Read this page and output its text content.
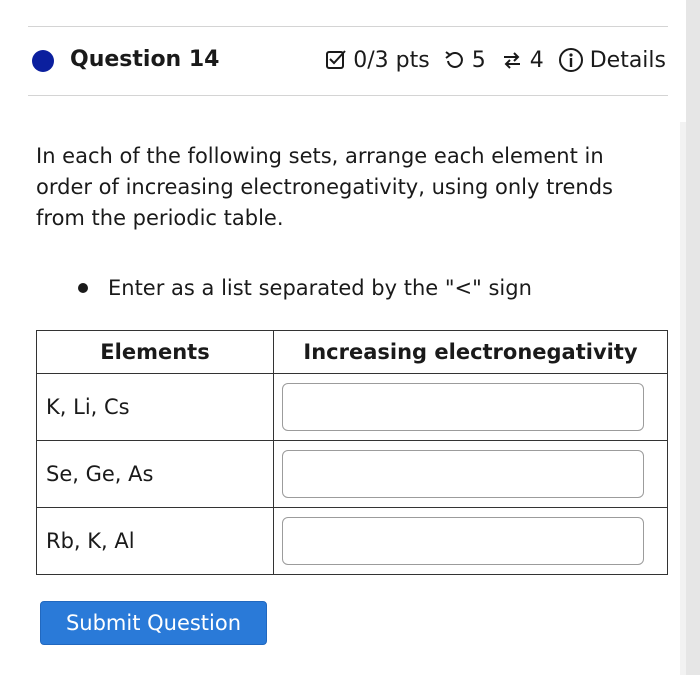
Question 14	0/3 pts 5 4 Details
In each of the following sets, arrange each element in order of increasing electronegativity, using only trends from the periodic table.
Enter as a list separated by the "<" sign
Elements	Increasing electronegativity
K, Li, Cs	

Se, Ge, As	

Rb, K, Al	
Submit Question
